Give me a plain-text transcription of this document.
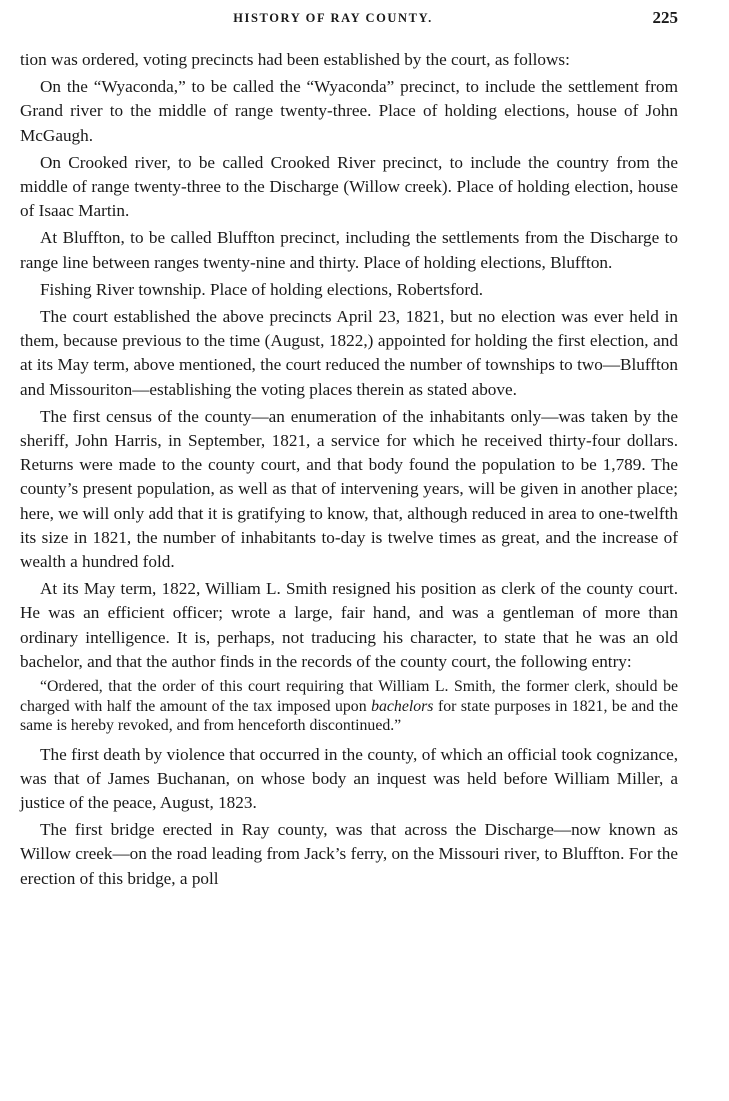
HISTORY OF RAY COUNTY.	225

tion was ordered, voting precincts had been established by the court, as follows:

On the “Wyaconda,” to be called the “Wyaconda” precinct, to include the settlement from Grand river to the middle of range twenty-three. Place of holding elections, house of John McGaugh.

On Crooked river, to be called Crooked River precinct, to include the country from the middle of range twenty-three to the Discharge (Willow creek). Place of holding election, house of Isaac Martin.

At Bluffton, to be called Bluffton precinct, including the settlements from the Discharge to range line between ranges twenty-nine and thirty. Place of holding elections, Bluffton.

Fishing River township. Place of holding elections, Robertsford.

The court established the above precincts April 23, 1821, but no election was ever held in them, because previous to the time (August, 1822,) appointed for holding the first election, and at its May term, above mentioned, the court reduced the number of townships to two—Bluffton and Missouriton—establishing the voting places therein as stated above.

The first census of the county—an enumeration of the inhabitants only—was taken by the sheriff, John Harris, in September, 1821, a service for which he received thirty-four dollars. Returns were made to the county court, and that body found the population to be 1,789. The county’s present population, as well as that of intervening years, will be given in another place; here, we will only add that it is gratifying to know, that, although reduced in area to one-twelfth its size in 1821, the number of inhabitants to-day is twelve times as great, and the increase of wealth a hundred fold.

At its May term, 1822, William L. Smith resigned his position as clerk of the county court. He was an efficient officer; wrote a large, fair hand, and was a gentleman of more than ordinary intelligence. It is, perhaps, not traducing his character, to state that he was an old bachelor, and that the author finds in the records of the county court, the following entry:

“Ordered, that the order of this court requiring that William L. Smith, the former clerk, should be charged with half the amount of the tax imposed upon bachelors for state purposes in 1821, be and the same is hereby revoked, and from henceforth discontinued.”

The first death by violence that occurred in the county, of which an official took cognizance, was that of James Buchanan, on whose body an inquest was held before William Miller, a justice of the peace, August, 1823.

The first bridge erected in Ray county, was that across the Discharge—now known as Willow creek—on the road leading from Jack’s ferry, on the Missouri river, to Bluffton. For the erection of this bridge, a poll
